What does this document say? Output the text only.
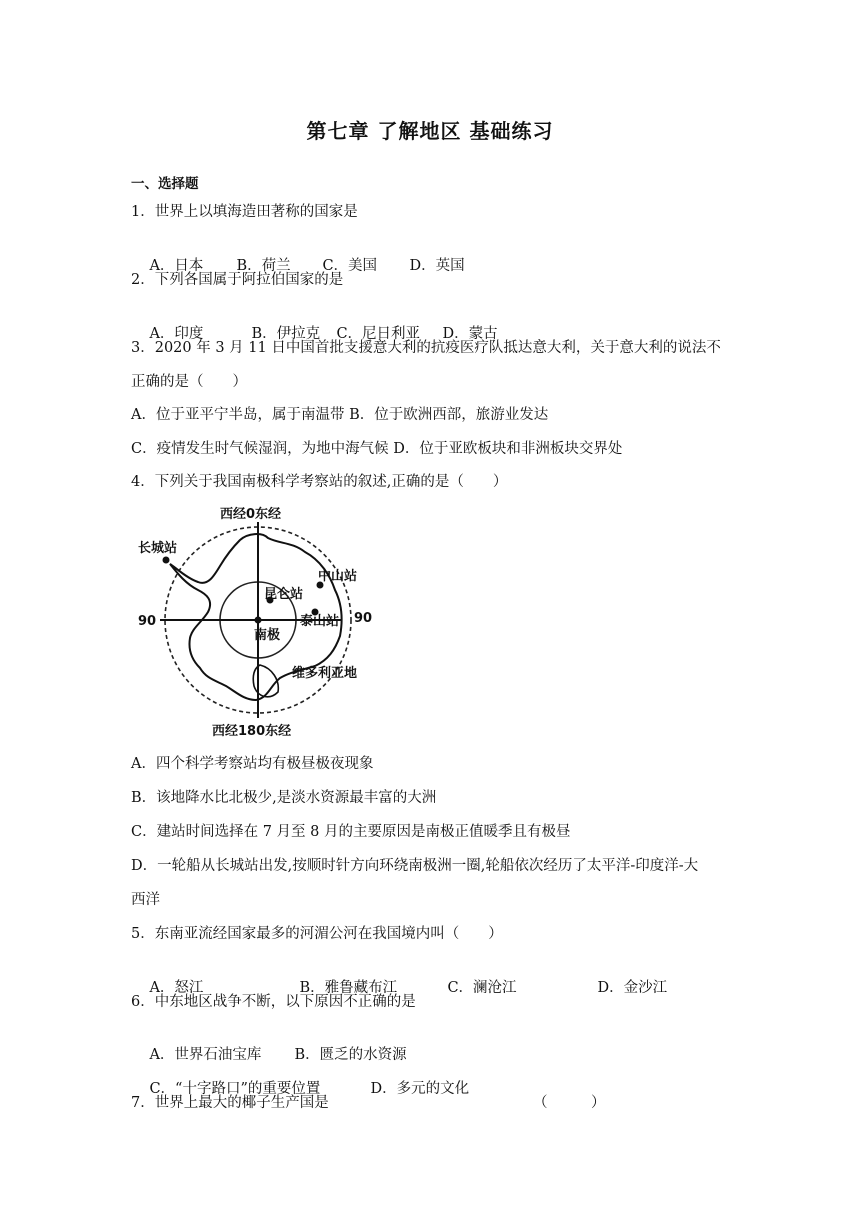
第七章 了解地区 基础练习
一、选择题
1．世界上以填海造田著称的国家是

A．日本 B．荷兰 C．美国 D．英国

2．下列各国属于阿拉伯国家的是

A．印度	B．伊拉克 C．尼日利亚 D．蒙古

3．2020 年 3 月 11 日中国首批支援意大利的抗疫医疗队抵达意大利，关于意大利的说法不
正确的是（　　）
A．位于亚平宁半岛，属于南温带 B．位于欧洲西部，旅游业发达
C．疫情发生时气候湿润，为地中海气候 D．位于亚欧板块和非洲板块交界处
4．下列关于我国南极科学考察站的叙述,正确的是（　　）
西经0东经
西经180东经
90	90
长城站
中山站
昆仑站
泰山站
南极
维多利亚地
A．四个科学考察站均有极昼极夜现象
B．该地降水比北极少,是淡水资源最丰富的大洲
C．建站时间选择在 7 月至 8 月的主要原因是南极正值暖季且有极昼
D．一轮船从长城站出发,按顺时针方向环绕南极洲一圈,轮船依次经历了太平洋-印度洋-大
西洋
5．东南亚流经国家最多的河湄公河在我国境内叫（　　）

A．怒江	B．雅鲁藏布江	C．澜沧江	D．金沙江

6．中东地区战争不断，以下原因不正确的是

A．世界石油宝库 B．匮乏的水资源

C．“十字路口”的重要位置	D．多元的文化

7．世界上最大的椰子生产国是	（　　　）
